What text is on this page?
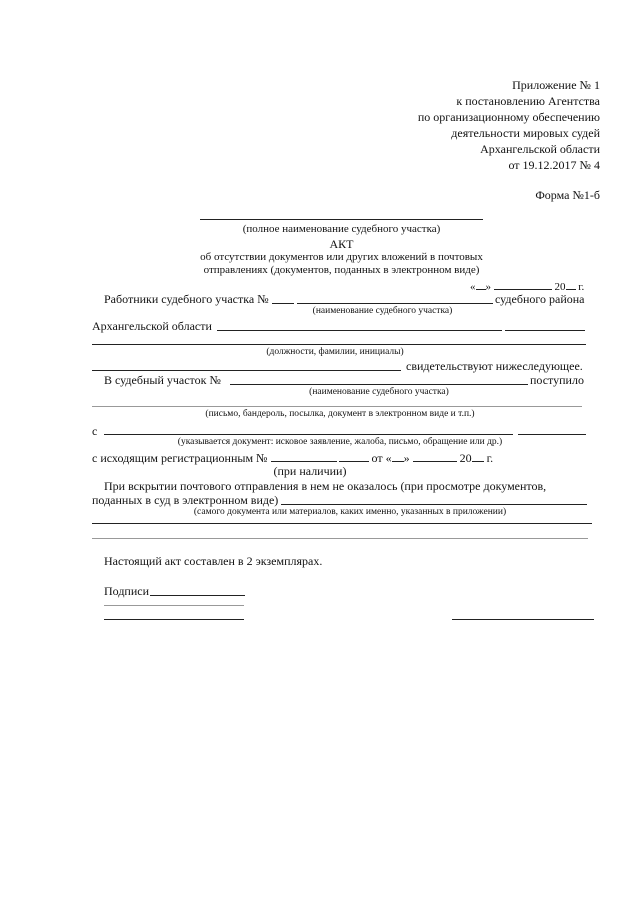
Приложение № 1
к постановлению Агентства
по организационному обеспечению
деятельности мировых судей
Архангельской области
от 19.12.2017 № 4
Форма №1-б
(полное наименование судебного участка)
АКТ
об отсутствии документов или других вложений в почтовых
отправлениях (документов, поданных в электронном виде)
« »	20 г.
Работники судебного участка №	судебного района
(наименование судебного участка)
Архангельской области
(должности, фамилии, инициалы)
свидетельствуют нижеследующее.
В судебный участок №	поступило
(наименование судебного участка)
(письмо, бандероль, посылка, документ в электронном виде и т.п.)
с
(указывается документ: исковое заявление, жалоба, письмо, обращение или др.)
с исходящим регистрационным №	от « »	20 г.
(при наличии)
При вскрытии почтового отправления в нем не оказалось (при просмотре документов,
поданных в суд в электронном виде)
(самого документа или материалов, каких именно, указанных в приложении)
Настоящий акт составлен в 2 экземплярах.
Подписи
